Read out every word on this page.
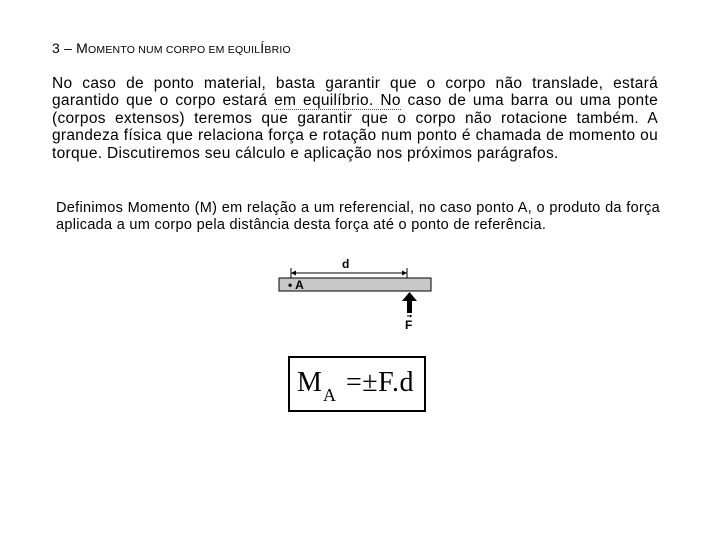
3 – MOMENTO NUM CORPO EM EQUILÍBRIO
No caso de ponto material, basta garantir que o corpo não translade, estará garantido que o corpo estará em equilíbrio. No caso de uma barra ou uma ponte (corpos extensos) teremos que garantir que o corpo não rotacione também. A grandeza física que relaciona força e rotação num ponto é chamada de momento ou torque. Discutiremos seu cálculo e aplicação nos próximos parágrafos.
Definimos Momento (M) em relação a um referencial, no caso ponto A, o produto da força aplicada a um corpo pela distância desta força até o ponto de referência.
d
• A
F
M A =±F.d
